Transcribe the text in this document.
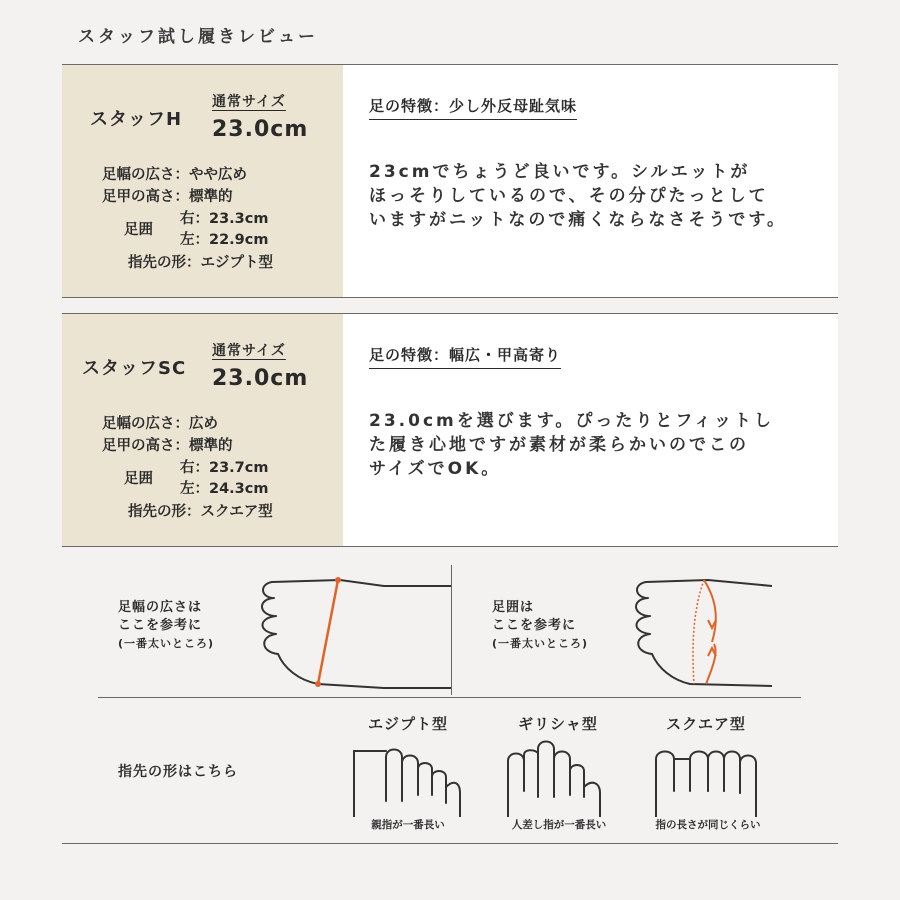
スタッフ試し履きレビュー
スタッフH
通常サイズ
23.0cm
足幅の広さ：やや広め
足甲の高さ：標準的
足囲
右：23.3cm
左：22.9cm
指先の形：エジプト型
足の特徴：少し外反母趾気味
23cmでちょうど良いです。シルエットが
ほっそりしているので、その分ぴたっとして
いますがニットなので痛くならなさそうです。
スタッフSC
通常サイズ
23.0cm
足幅の広さ：広め
足甲の高さ：標準的
足囲
右：23.7cm
左：24.3cm
指先の形：スクエア型
足の特徴：幅広・甲高寄り
23.0cmを選びます。ぴったりとフィットし
た履き心地ですが素材が柔らかいのでこの
サイズでOK。
足幅の広さは
ここを参考に
(一番太いところ)
足囲は
ここを参考に
(一番太いところ)
指先の形はこちら
エジプト型
親指が一番長い
ギリシャ型
人差し指が一番長い
スクエア型
指の長さが同じくらい
